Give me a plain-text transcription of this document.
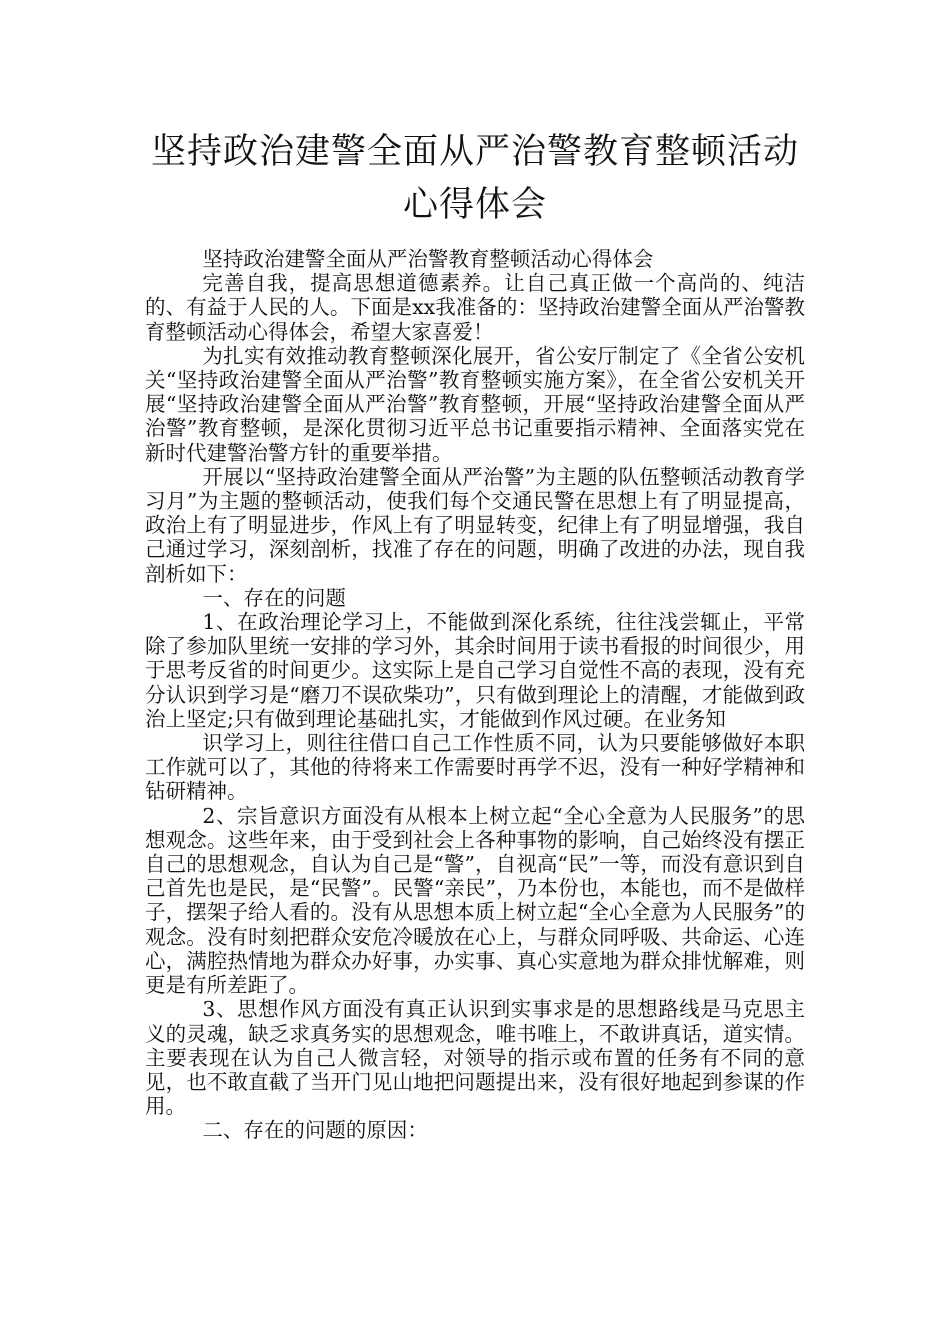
坚持政治建警全面从严治警教育整顿活动
心得体会

坚持政治建警全面从严治警教育整顿活动心得体会

完善自我，提高思想道德素养。让自己真正做一个高尚的、纯洁的、有益于人民的人。下面是xx我准备的：坚持政治建警全面从严治警教育整顿活动心得体会，希望大家喜爱！

为扎实有效推动教育整顿深化展开，省公安厅制定了《全省公安机关“坚持政治建警全面从严治警”教育整顿实施方案》，在全省公安机关开展“坚持政治建警全面从严治警”教育整顿，开展“坚持政治建警全面从严治警”教育整顿，是深化贯彻习近平总书记重要指示精神、全面落实党在新时代建警治警方针的重要举措。

开展以“坚持政治建警全面从严治警”为主题的队伍整顿活动教育学习月”为主题的整顿活动，使我们每个交通民警在思想上有了明显提高，政治上有了明显进步，作风上有了明显转变，纪律上有了明显增强，我自己通过学习，深刻剖析，找准了存在的问题，明确了改进的办法，现自我剖析如下：

一、存在的问题

1、在政治理论学习上，不能做到深化系统，往往浅尝辄止，平常除了参加队里统一安排的学习外，其余时间用于读书看报的时间很少，用于思考反省的时间更少。这实际上是自己学习自觉性不高的表现，没有充分认识到学习是“磨刀不误砍柴功”，只有做到理论上的清醒，才能做到政治上坚定;只有做到理论基础扎实，才能做到作风过硬。在业务知

识学习上，则往往借口自己工作性质不同，认为只要能够做好本职工作就可以了，其他的待将来工作需要时再学不迟，没有一种好学精神和钻研精神。

2、宗旨意识方面没有从根本上树立起“全心全意为人民服务”的思想观念。这些年来，由于受到社会上各种事物的影响，自己始终没有摆正自己的思想观念，自认为自己是“警”，自视高“民”一等，而没有意识到自己首先也是民，是“民警”。民警“亲民”，乃本份也，本能也，而不是做样子，摆架子给人看的。没有从思想本质上树立起“全心全意为人民服务”的观念。没有时刻把群众安危冷暖放在心上，与群众同呼吸、共命运、心连心，满腔热情地为群众办好事，办实事、真心实意地为群众排忧解难，则更是有所差距了。

3、思想作风方面没有真正认识到实事求是的思想路线是马克思主义的灵魂，缺乏求真务实的思想观念，唯书唯上，不敢讲真话，道实情。主要表现在认为自己人微言轻，对领导的指示或布置的任务有不同的意见，也不敢直截了当开门见山地把问题提出来，没有很好地起到参谋的作用。

二、存在的问题的原因：
